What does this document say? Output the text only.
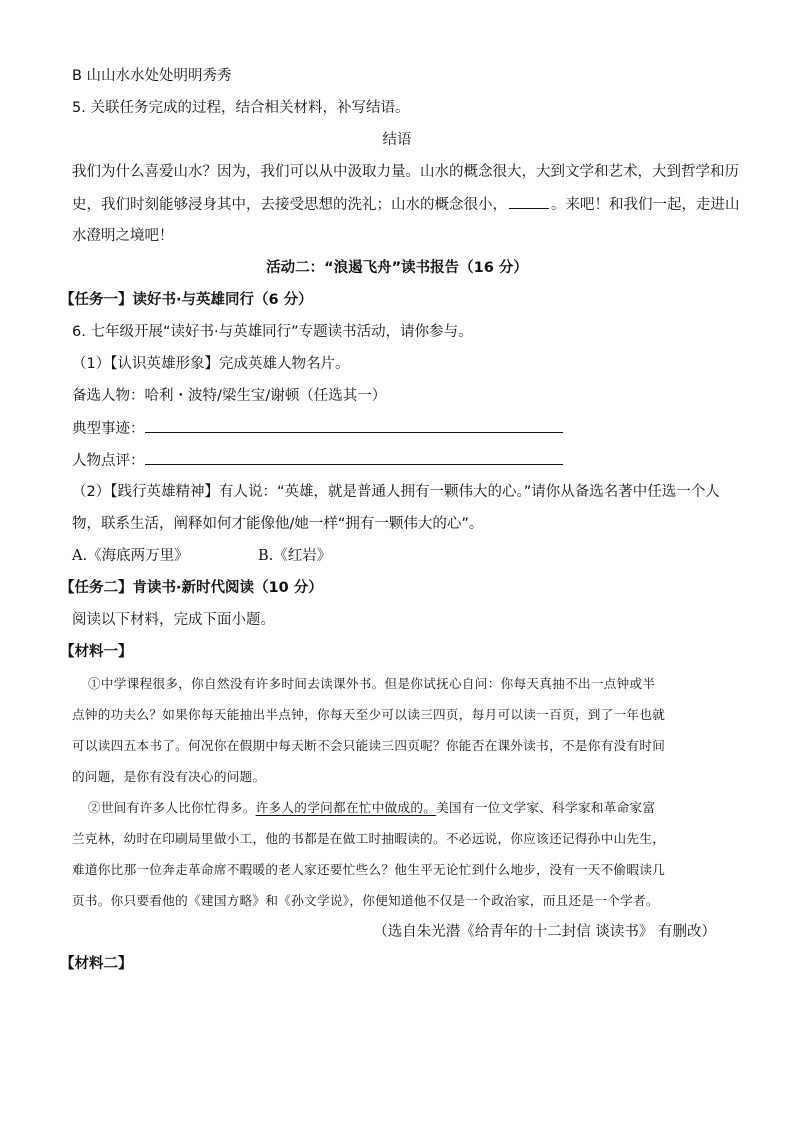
B 山山水水处处明明秀秀
5. 关联任务完成的过程，结合相关材料，补写结语。
结语
我们为什么喜爱山水？因为，我们可以从中汲取力量。山水的概念很大，大到文学和艺术，大到哲学和历
史，我们时刻能够浸身其中，去接受思想的洗礼；山水的概念很小，	。来吧！和我们一起，走进山
水澄明之境吧！
活动二：“浪遏飞舟”读书报告（16 分）
【任务一】读好书·与英雄同行（6 分）
6. 七年级开展“读好书·与英雄同行”专题读书活动，请你参与。
（1）【认识英雄形象】完成英雄人物名片。
备选人物：哈利・波特/梁生宝/谢顿（任选其一）
典型事迹：
人物点评：
（2）【践行英雄精神】有人说：“英雄，就是普通人拥有一颗伟大的心。”请你从备选名著中任选一个人
物，联系生活，阐释如何才能像他/她一样“拥有一颗伟大的心”。
A.《海底两万里》	B.《红岩》
【任务二】肯读书·新时代阅读（10 分）
阅读以下材料，完成下面小题。
【材料一】
①中学课程很多，你自然没有许多时间去读课外书。但是你试抚心自问：你每天真抽不出一点钟或半
点钟的功夫么？如果你每天能抽出半点钟，你每天至少可以读三四页，每月可以读一百页，到了一年也就
可以读四五本书了。何况你在假期中每天断不会只能读三四页呢？你能否在课外读书，不是你有没有时间
的问题，是你有没有决心的问题。
②世间有许多人比你忙得多。许多人的学问都在忙中做成的。美国有一位文学家、科学家和革命家富
兰克林，幼时在印刷局里做小工，他的书都是在做工时抽暇读的。不必远说，你应该还记得孙中山先生，
难道你比那一位奔走革命席不暇暖的老人家还要忙些么？他生平无论忙到什么地步，没有一天不偷暇读几
页书。你只要看他的《建国方略》和《孙文学说》，你便知道他不仅是一个政治家，而且还是一个学者。
（选自朱光潜《给青年的十二封信 谈读书》 有删改）
【材料二】
